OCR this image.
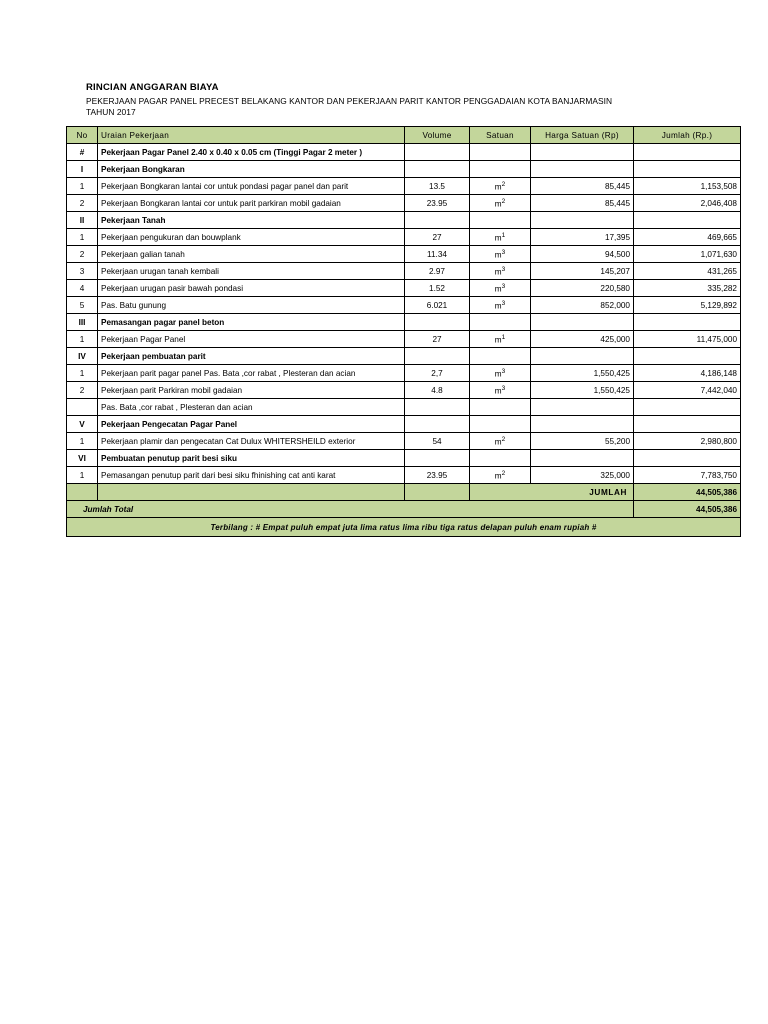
RINCIAN ANGGARAN BIAYA
PEKERJAAN PAGAR PANEL PRECEST BELAKANG KANTOR DAN PEKERJAAN PARIT KANTOR PENGGADAIAN KOTA BANJARMASIN
TAHUN 2017
No	Uraian Pekerjaan	Volume	Satuan	Harga Satuan (Rp)	Jumlah (Rp.)
#	Pekerjaan Pagar Panel 2.40 x 0.40 x 0.05 cm (Tinggi Pagar 2 meter )				
I	Pekerjaan Bongkaran				
1	Pekerjaan Bongkaran lantai cor untuk pondasi pagar panel dan parit	13.5	$m^2$	85,445	1,153,508
2	Pekerjaan Bongkaran lantai cor untuk parit parkiran mobil gadaian	23.95	$m^2$	85,445	2,046,408
II	Pekerjaan Tanah				
1	Pekerjaan pengukuran dan bouwplank	27	$m^1$	17,395	469,665
2	Pekerjaan galian tanah	11.34	$m^3$	94,500	1,071,630
3	Pekerjaan urugan tanah kembali	2.97	$m^3$	145,207	431,265
4	Pekerjaan urugan pasir bawah pondasi	1.52	$m^3$	220,580	335,282
5	Pas. Batu gunung	6.021	$m^3$	852,000	5,129,892
III	Pemasangan pagar panel beton				
1	Pekerjaan Pagar Panel	27	$m^1$	425,000	11,475,000
IV	Pekerjaan pembuatan parit				
1	Pekerjaan parit pagar panel Pas. Bata ,cor rabat , Plesteran dan acian	2,7	$m^3$	1,550,425	4,186,148
2	Pekerjaan parit Parkiran mobil gadaian	4.8	$m^3$	1,550,425	7,442,040
	Pas. Bata ,cor rabat , Plesteran dan acian				
V	Pekerjaan Pengecatan Pagar Panel				
1	Pekerjaan plamir dan pengecatan Cat Dulux WHITERSHEILD exterior	54	$m^2$	55,200	2,980,800
VI	Pembuatan penutup parit besi siku				
1	Pemasangan penutup parit dari besi siku fhinishing cat anti karat	23.95	$m^2$	325,000	7,783,750
			JUMLAH		44,505,386
Jumlah Total					44,505,386
Terbilang : # Empat puluh empat juta lima ratus lima ribu tiga ratus delapan puluh enam rupiah #					
